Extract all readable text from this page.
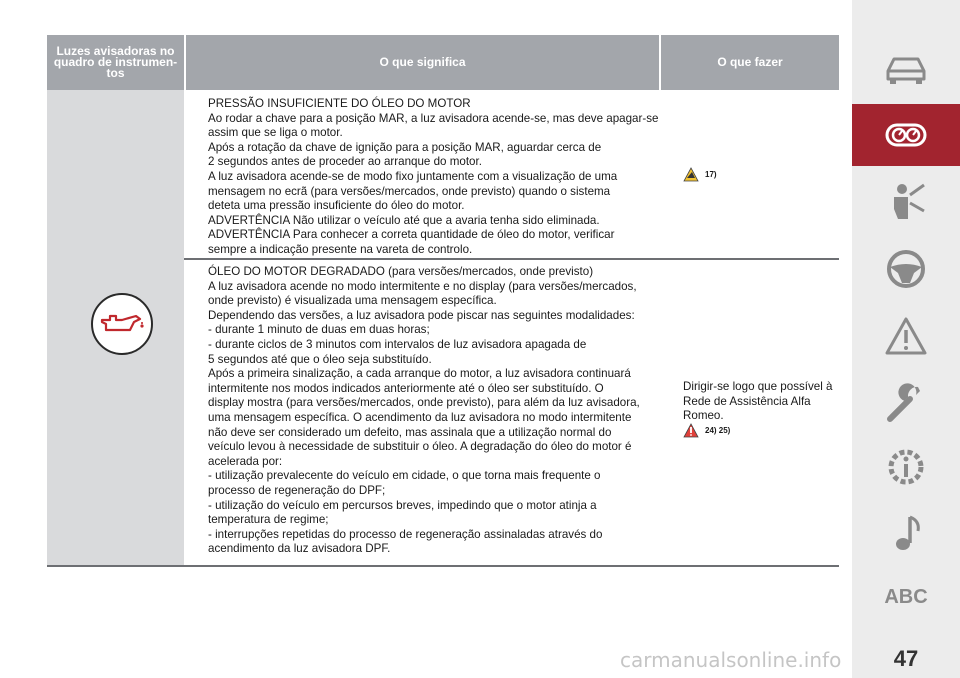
Luzes avisadoras no quadro de instrumen-tos
O que significa	O que fazer
PRESSÃO INSUFICIENTE DO ÓLEO DO MOTOR
Ao rodar a chave para a posição MAR, a luz avisadora acende-se, mas deve apagar-se
assim que se liga o motor.
Após a rotação da chave de ignição para a posição MAR, aguardar cerca de
2 segundos antes de proceder ao arranque do motor.
A luz avisadora acende-se de modo fixo juntamente com a visualização de uma
mensagem no ecrã (para versões/mercados, onde previsto) quando o sistema
deteta uma pressão insuficiente do óleo do motor.
ADVERTÊNCIA Não utilizar o veículo até que a avaria tenha sido eliminada.
ADVERTÊNCIA Para conhecer a correta quantidade de óleo do motor, verificar
sempre a indicação presente na vareta de controlo.
17)
ÓLEO DO MOTOR DEGRADADO (para versões/mercados, onde previsto)
A luz avisadora acende no modo intermitente e no display (para versões/mercados,
onde previsto) é visualizada uma mensagem específica.
Dependendo das versões, a luz avisadora pode piscar nas seguintes modalidades:
- durante 1 minuto de duas em duas horas;
- durante ciclos de 3 minutos com intervalos de luz avisadora apagada de
5 segundos até que o óleo seja substituído.
Após a primeira sinalização, a cada arranque do motor, a luz avisadora continuará
intermitente nos modos indicados anteriormente até o óleo ser substituído. O
display mostra (para versões/mercados, onde previsto), para além da luz avisadora,
uma mensagem específica. O acendimento da luz avisadora no modo intermitente
não deve ser considerado um defeito, mas assinala que a utilização normal do
veículo levou à necessidade de substituir o óleo. A degradação do óleo do motor é
acelerada por:
- utilização prevalecente do veículo em cidade, o que torna mais frequente o
processo de regeneração do DPF;
- utilização do veículo em percursos breves, impedindo que o motor atinja a
temperatura de regime;
- interrupções repetidas do processo de regeneração assinaladas através do
acendimento da luz avisadora DPF.
Dirigir-se logo que possível à Rede de Assistência Alfa Romeo.
24) 25)
ABC
47
carmanualsonline.info
